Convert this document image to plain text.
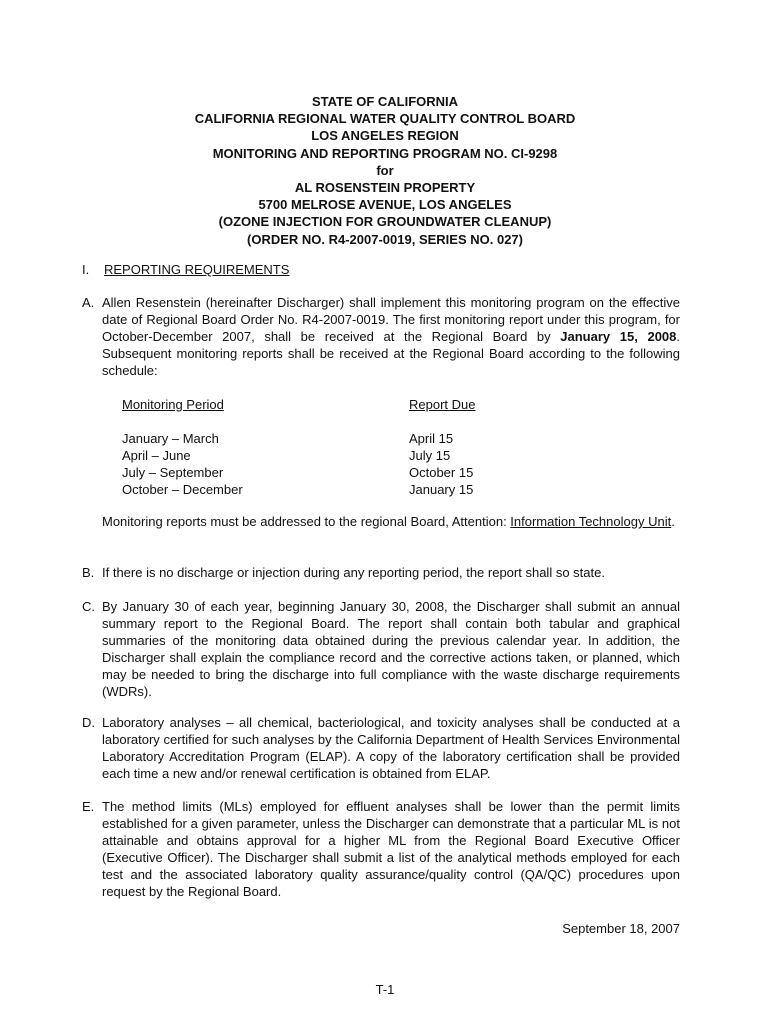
STATE OF CALIFORNIA
CALIFORNIA REGIONAL WATER QUALITY CONTROL BOARD
LOS ANGELES REGION
MONITORING AND REPORTING PROGRAM NO. CI-9298
for
AL ROSENSTEIN PROPERTY
5700 MELROSE AVENUE, LOS ANGELES
(OZONE INJECTION FOR GROUNDWATER CLEANUP)
(ORDER NO. R4-2007-0019, SERIES NO. 027)
I. REPORTING REQUIREMENTS
A. Allen Resenstein (hereinafter Discharger) shall implement this monitoring program on the effective date of Regional Board Order No. R4-2007-0019. The first monitoring report under this program, for October-December 2007, shall be received at the Regional Board by January 15, 2008. Subsequent monitoring reports shall be received at the Regional Board according to the following schedule:
Monitoring Period	Report Due
January – March	April 15
April – June	July 15
July – September	October 15
October – December	January 15
Monitoring reports must be addressed to the regional Board, Attention: Information Technology Unit.
B. If there is no discharge or injection during any reporting period, the report shall so state.
C. By January 30 of each year, beginning January 30, 2008, the Discharger shall submit an annual summary report to the Regional Board. The report shall contain both tabular and graphical summaries of the monitoring data obtained during the previous calendar year. In addition, the Discharger shall explain the compliance record and the corrective actions taken, or planned, which may be needed to bring the discharge into full compliance with the waste discharge requirements (WDRs).
D. Laboratory analyses – all chemical, bacteriological, and toxicity analyses shall be conducted at a laboratory certified for such analyses by the California Department of Health Services Environmental Laboratory Accreditation Program (ELAP). A copy of the laboratory certification shall be provided each time a new and/or renewal certification is obtained from ELAP.
E. The method limits (MLs) employed for effluent analyses shall be lower than the permit limits established for a given parameter, unless the Discharger can demonstrate that a particular ML is not attainable and obtains approval for a higher ML from the Regional Board Executive Officer (Executive Officer). The Discharger shall submit a list of the analytical methods employed for each test and the associated laboratory quality assurance/quality control (QA/QC) procedures upon request by the Regional Board.
September 18, 2007
T-1
